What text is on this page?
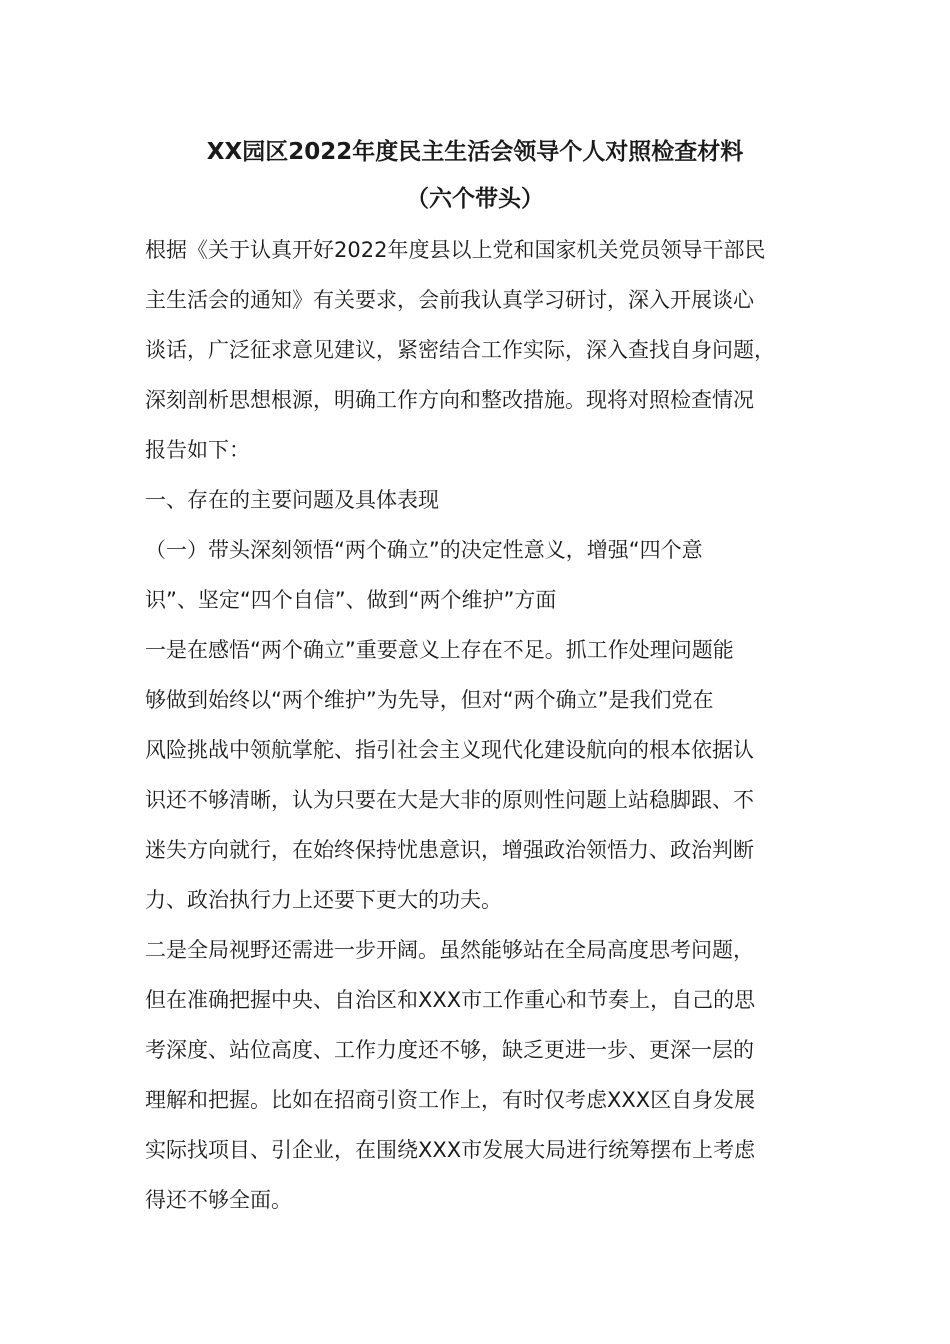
XX园区2022年度民主生活会领导个人对照检查材料
（六个带头）
根据《关于认真开好2022年度县以上党和国家机关党员领导干部民
主生活会的通知》有关要求，会前我认真学习研讨，深入开展谈心
谈话，广泛征求意见建议，紧密结合工作实际，深入查找自身问题，
深刻剖析思想根源，明确工作方向和整改措施。现将对照检查情况
报告如下：
一、存在的主要问题及具体表现
（一）带头深刻领悟“两个确立”的决定性意义，增强“四个意
识”、坚定“四个自信”、做到“两个维护”方面
一是在感悟“两个确立”重要意义上存在不足。抓工作处理问题能
够做到始终以“两个维护”为先导，但对“两个确立”是我们党在
风险挑战中领航掌舵、指引社会主义现代化建设航向的根本依据认
识还不够清晰，认为只要在大是大非的原则性问题上站稳脚跟、不
迷失方向就行，在始终保持忧患意识，增强政治领悟力、政治判断
力、政治执行力上还要下更大的功夫。
二是全局视野还需进一步开阔。虽然能够站在全局高度思考问题，
但在准确把握中央、自治区和XXX市工作重心和节奏上，自己的思
考深度、站位高度、工作力度还不够，缺乏更进一步、更深一层的
理解和把握。比如在招商引资工作上，有时仅考虑XXX区自身发展
实际找项目、引企业，在围绕XXX市发展大局进行统筹摆布上考虑
得还不够全面。
